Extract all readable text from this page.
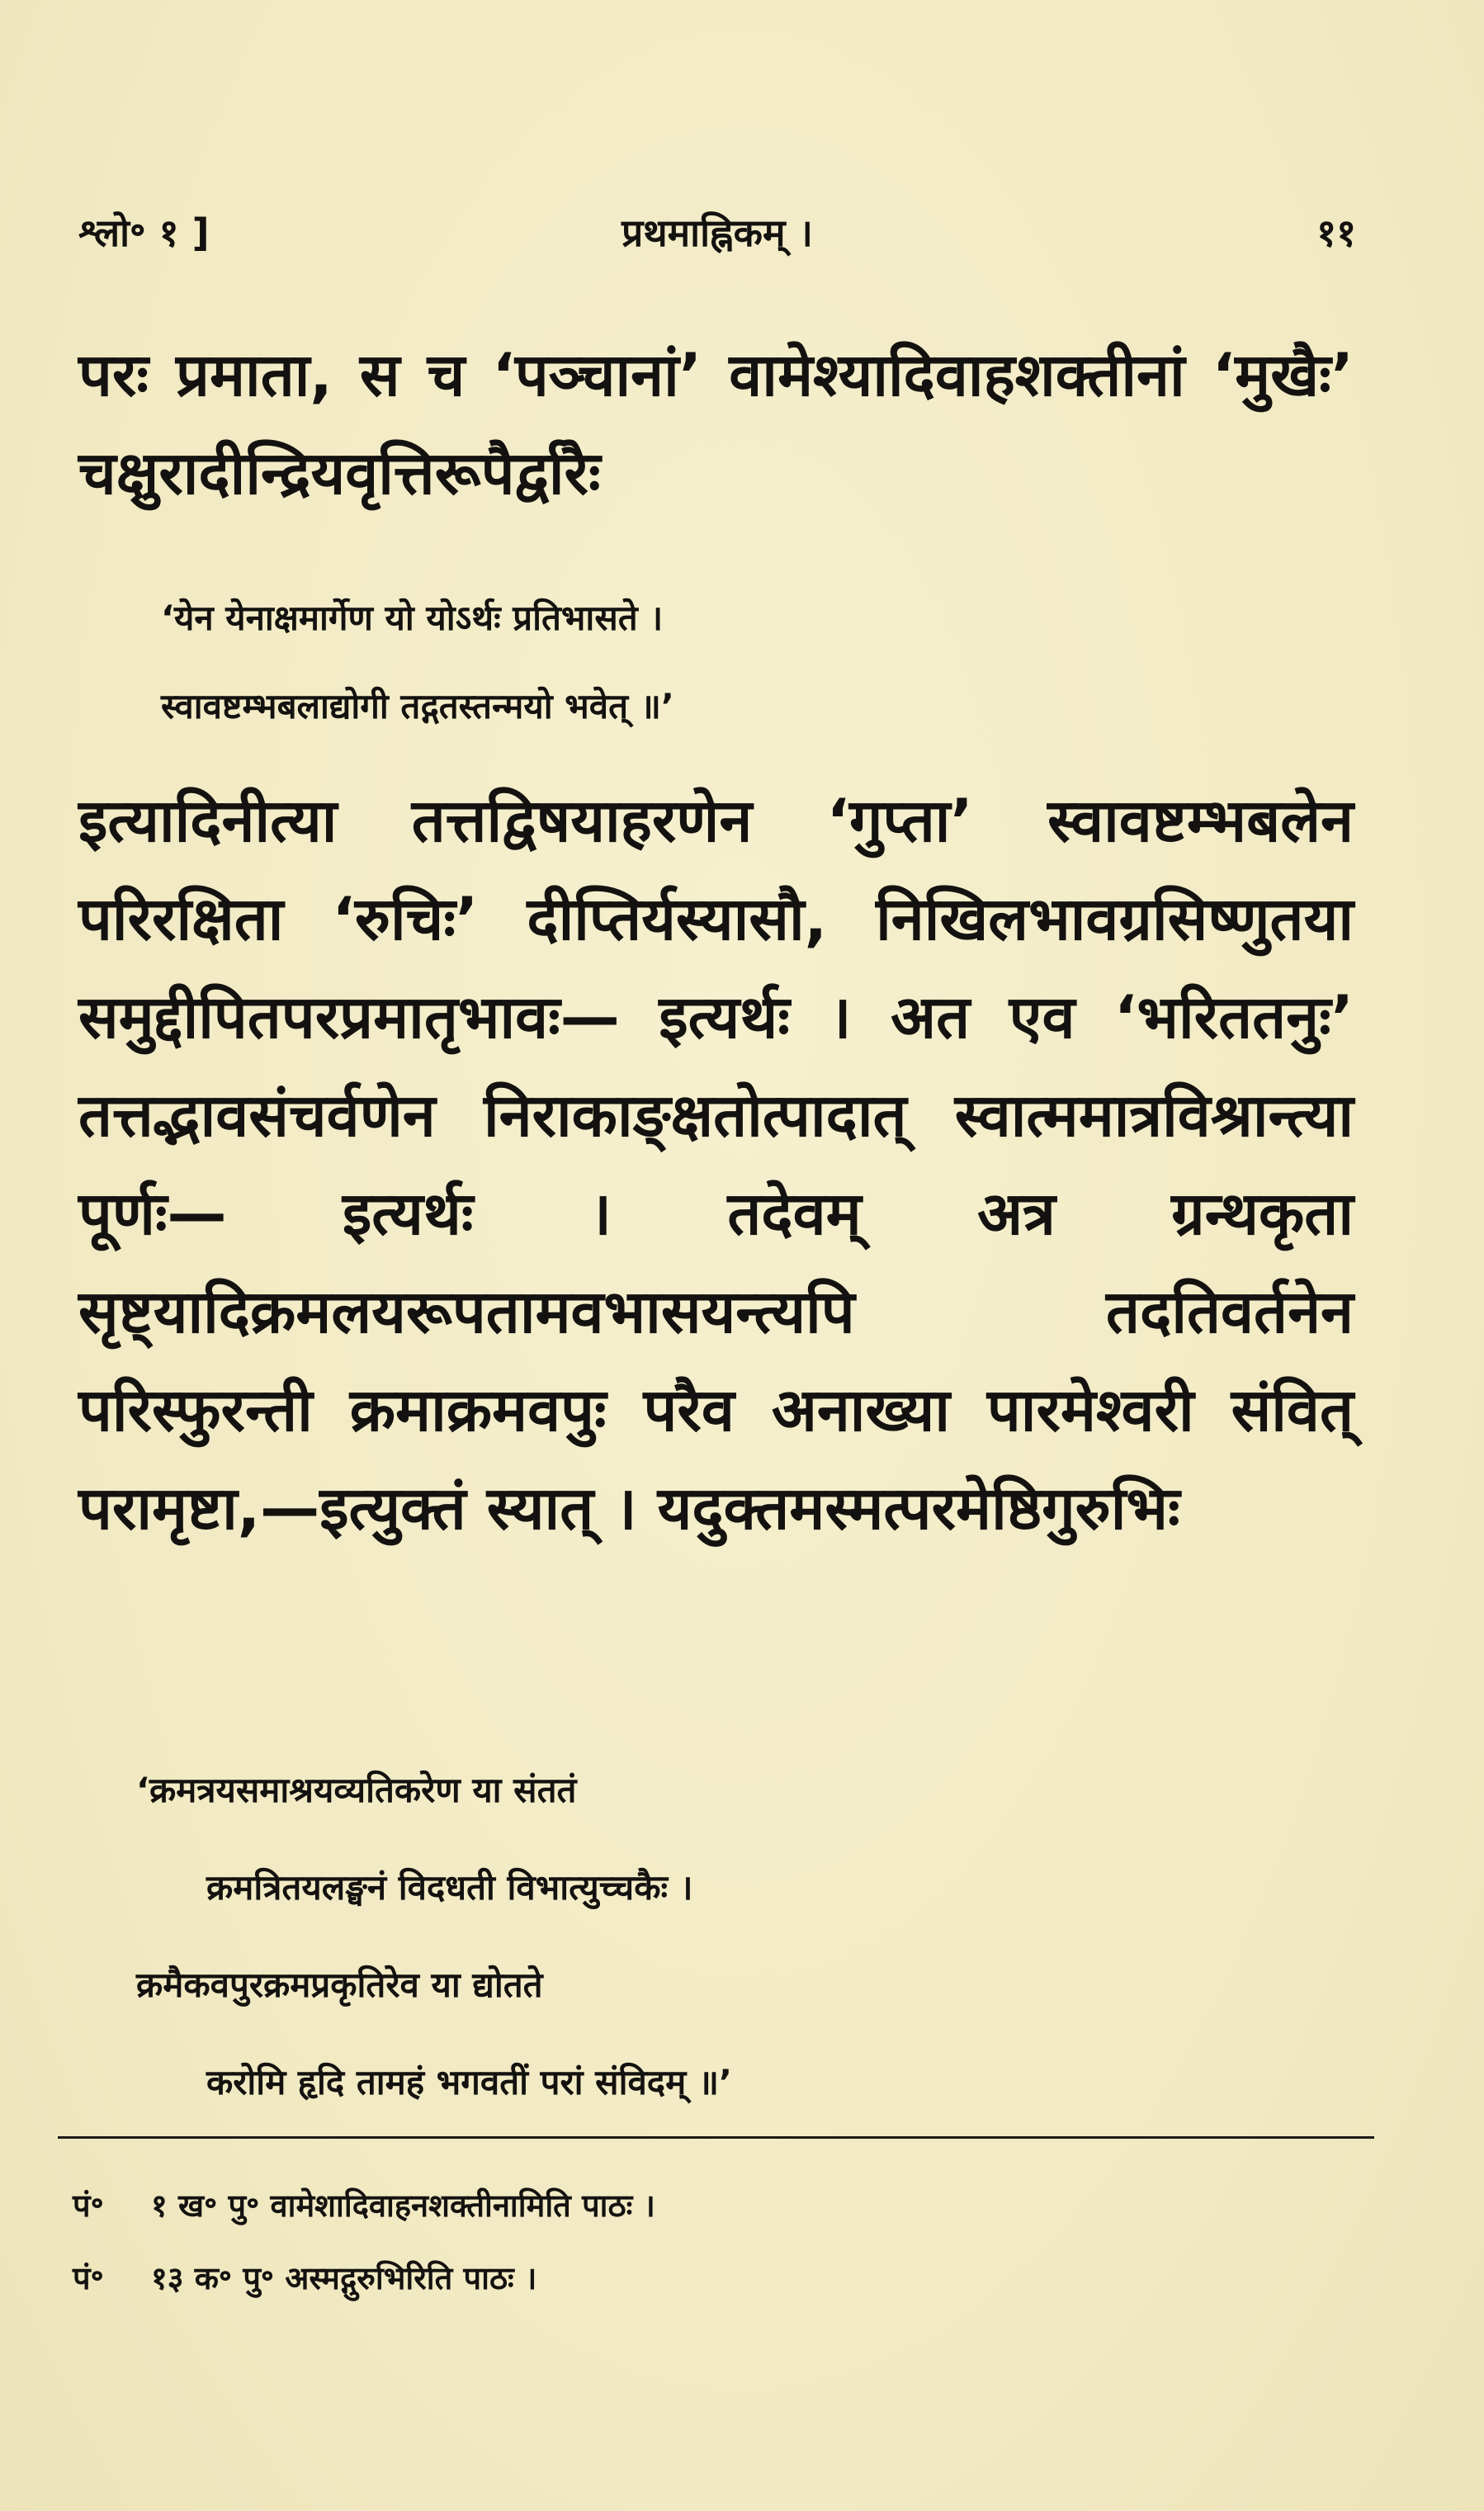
श्लो॰ १ ]	प्रथमाह्निकम् ।	११
परः प्रमाता, स च ‘पञ्चानां’ वामेश्यादिवाहशक्तीनां ‘मुखैः’ चक्षुरादीन्द्रियवृत्तिरूपैर्द्वारैः
‘येन येनाक्षमार्गेण यो योऽर्थः प्रतिभासते ।
स्वावष्टम्भबलाद्योगी तद्गतस्तन्मयो भवेत् ॥’
इत्यादिनीत्या तत्तद्विषयाहरणेन ‘गुप्ता’ स्वावष्टम्भबलेन परिरक्षिता ‘रुचिः’ दीप्तिर्यस्यासौ, निखिलभावग्रसिष्णुतया समुद्दीपितपरप्रमातृभावः— इत्यर्थः । अत एव ‘भरिततनुः’ तत्तद्भावसंचर्वणेन निराकाङ्क्षतोत्पादात् स्वात्ममात्रविश्रान्त्या पूर्णः— इत्यर्थः । तदेवम् अत्र ग्रन्थकृता सृष्ट्यादिक्रमलयरूपतामवभासयन्त्यपि तदतिवर्तनेन परिस्फुरन्ती क्रमाक्रमवपुः परैव अनाख्या पारमेश्वरी संवित् परामृष्टा,—इत्युक्तं स्यात् । यदुक्तमस्मत्परमेष्ठिगुरुभिः
‘क्रमत्रयसमाश्रयव्यतिकरेण या संततं
क्रमत्रितयलङ्घनं विदधती विभात्युच्चकैः ।
क्रमैकवपुरक्रमप्रकृतिरेव या द्योतते
करोमि हृदि तामहं भगवतीं परां संविदम् ॥’
पं॰ १ ख॰ पु॰ वामेशादिवाहनशक्तीनामिति पाठः ।
पं॰ १३ क॰ पु॰ अस्मद्गुरुभिरिति पाठः ।
